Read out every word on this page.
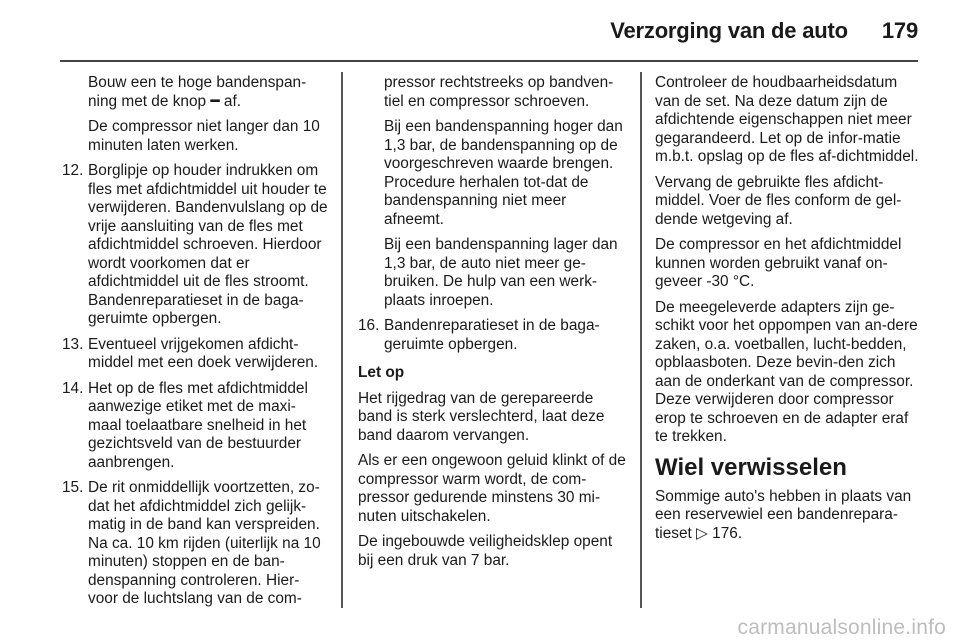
Verzorging van de auto 179

Bouw een te hoge bandenspan-ning met de knop ━ af.

De compressor niet langer dan 10 minuten laten werken.

12. Borglipje op houder indrukken om fles met afdichtmiddel uit houder te verwijderen. Bandenvulslang op de vrije aansluiting van de fles met afdichtmiddel schroeven. Hierdoor wordt voorkomen dat er afdichtmiddel uit de fles stroomt. Bandenreparatieset in de baga-geruimte opbergen.
13. Eventueel vrijgekomen afdicht-middel met een doek verwijderen.
14. Het op de fles met afdichtmiddel aanwezige etiket met de maxi-maal toelaatbare snelheid in het gezichtsveld van de bestuurder aanbrengen.
15. De rit onmiddellijk voortzetten, zo-dat het afdichtmiddel zich gelijk-matig in de band kan verspreiden. Na ca. 10 km rijden (uiterlijk na 10 minuten) stoppen en de ban-denspanning controleren. Hier-voor de luchtslang van de com-

pressor rechtstreeks op bandven-tiel en compressor schroeven.

Bij een bandenspanning hoger dan 1,3 bar, de bandenspanning op de voorgeschreven waarde brengen. Procedure herhalen tot-dat de bandenspanning niet meer afneemt.

Bij een bandenspanning lager dan 1,3 bar, de auto niet meer ge-bruiken. De hulp van een werk-plaats inroepen.

16. Bandenreparatieset in de baga-geruimte opbergen.

Let op

Het rijgedrag van de gerepareerde band is sterk verslechterd, laat deze band daarom vervangen.

Als er een ongewoon geluid klinkt of de compressor warm wordt, de com-pressor gedurende minstens 30 mi-nuten uitschakelen.

De ingebouwde veiligheidsklep opent bij een druk van 7 bar.

Controleer de houdbaarheidsdatum van de set. Na deze datum zijn de afdichtende eigenschappen niet meer gegarandeerd. Let op de infor-matie m.b.t. opslag op de fles af-dichtmiddel.

Vervang de gebruikte fles afdicht-middel. Voer de fles conform de gel-dende wetgeving af.

De compressor en het afdichtmiddel kunnen worden gebruikt vanaf on-geveer -30 °C.

De meegeleverde adapters zijn ge-schikt voor het oppompen van an-dere zaken, o.a. voetballen, lucht-bedden, opblaasboten. Deze bevin-den zich aan de onderkant van de compressor. Deze verwijderen door compressor erop te schroeven en de adapter eraf te trekken.

Wiel verwisselen

Sommige auto's hebben in plaats van een reservewiel een bandenrepara-tieset ▷ 176.

carmanualsonline.info
